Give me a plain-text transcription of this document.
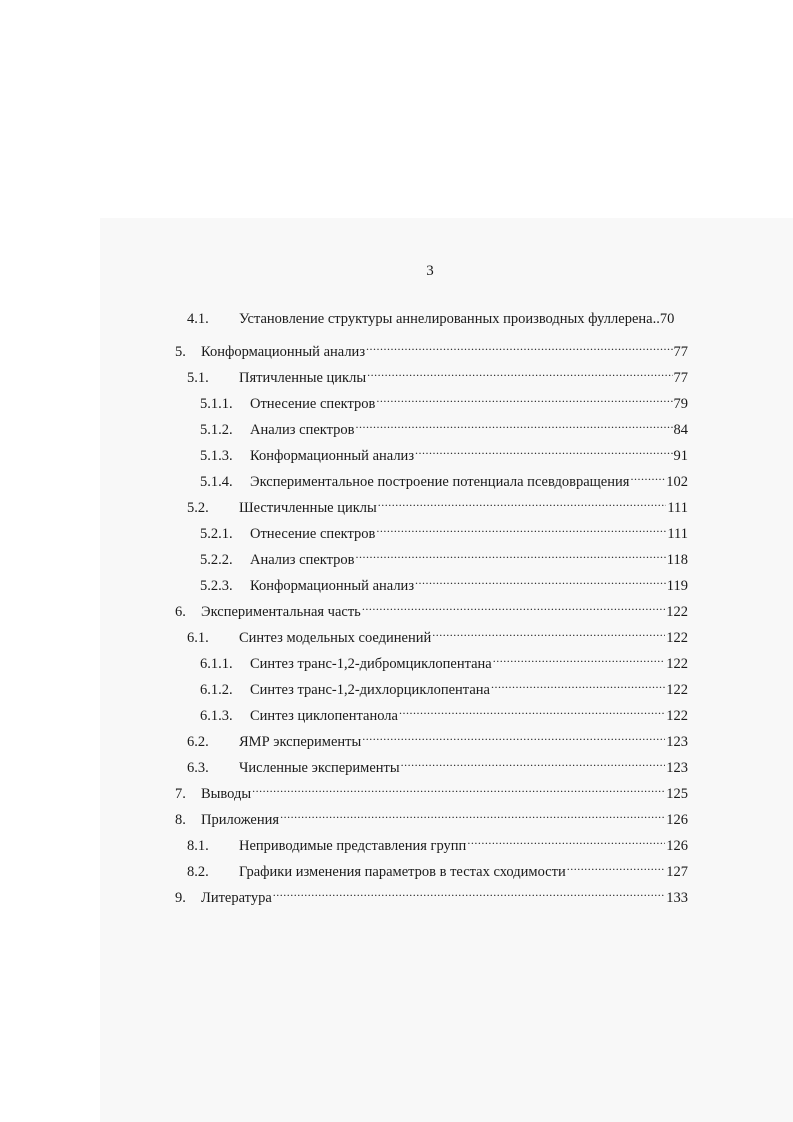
3
4.1.	Установление структуры аннелированных производных фуллерена .. 70
5.	Конформационный анализ .....	77
5.1.	Пятичленные циклы .....	77
5.1.1.	Отнесение спектров .....	79
5.1.2.	Анализ спектров .....	84
5.1.3.	Конформационный анализ .....	91
5.1.4.	Экспериментальное построение потенциала псевдовращения .....	102
5.2.	Шестичленные циклы .....	111
5.2.1.	Отнесение спектров .....	111
5.2.2.	Анализ спектров .....	118
5.2.3.	Конформационный анализ .....	119
6.	Экспериментальная часть .....	122
6.1.	Синтез модельных соединений .....	122
6.1.1.	Синтез транс-1,2-дибромциклопентана .....	122
6.1.2.	Синтез транс-1,2-дихлорциклопентана .....	122
6.1.3.	Синтез циклопентанола .....	122
6.2.	ЯМР эксперименты .....	123
6.3.	Численные эксперименты .....	123
7.	Выводы .....	125
8.	Приложения .....	126
8.1.	Неприводимые представления групп .....	126
8.2.	Графики изменения параметров в тестах сходимости .....	127
9.	Литература .....	133
